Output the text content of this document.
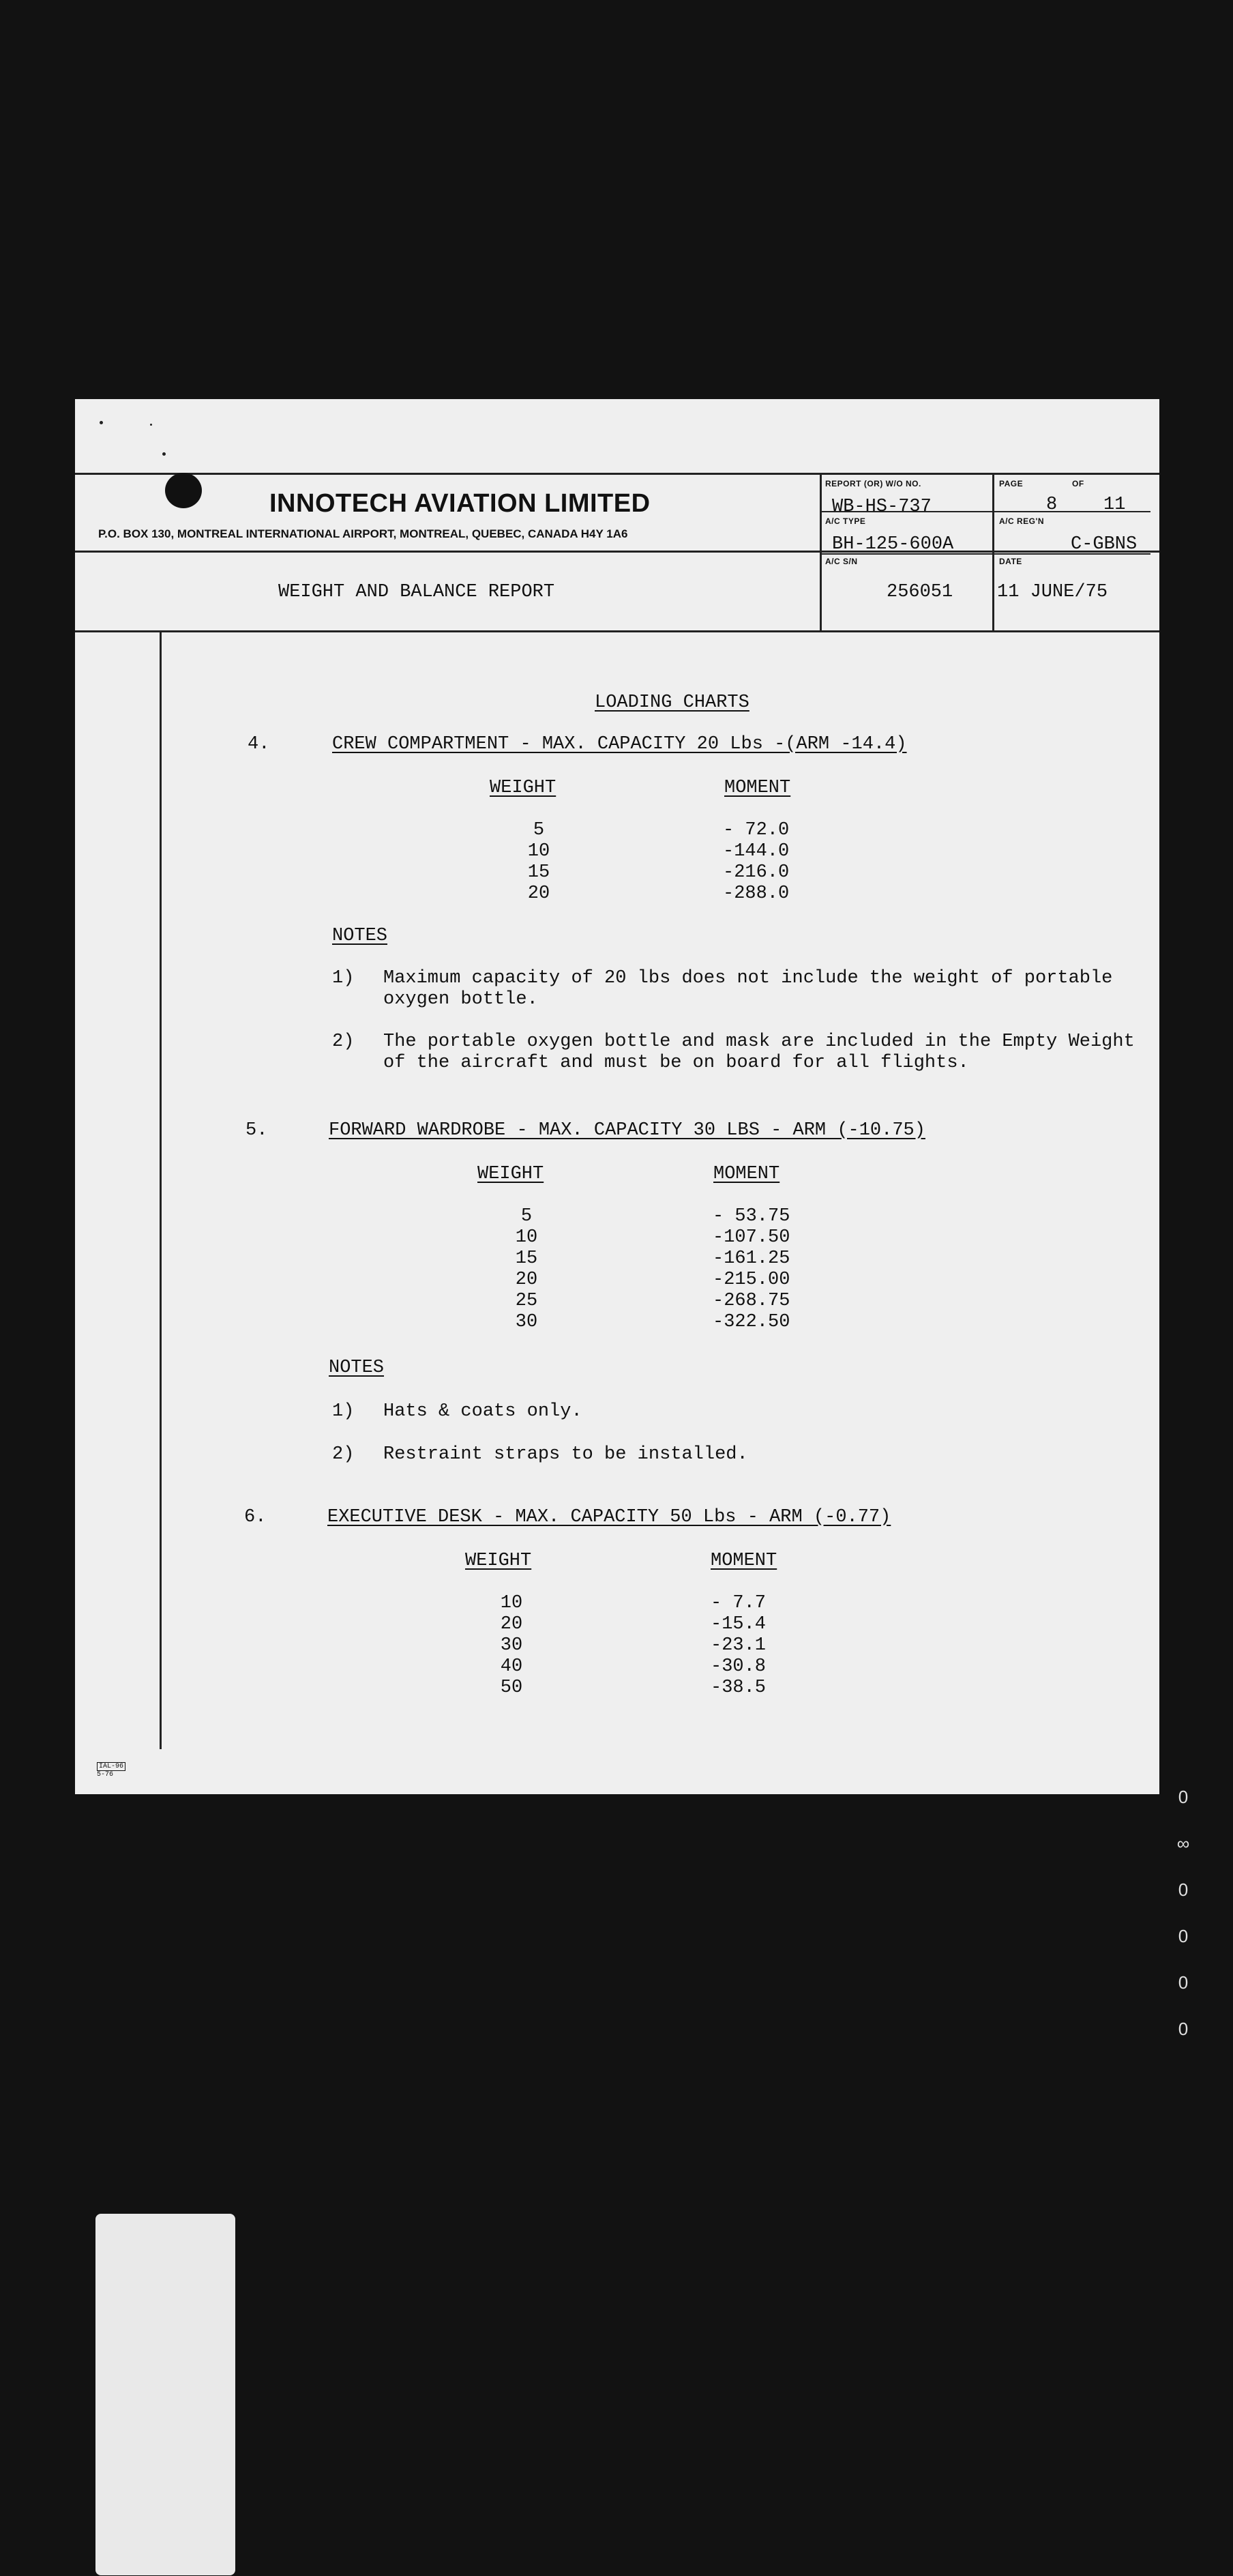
INNOTECH AVIATION LIMITED
P.O. BOX 130, MONTREAL INTERNATIONAL AIRPORT, MONTREAL, QUEBEC, CANADA H4Y 1A6
REPORT (OR) W/O NO.
WB-HS-737
PAGE	OF
8	11
A/C TYPE
BH-125-600A
A/C REG'N
C-GBNS
A/C S/N
256051
DATE
11 JUNE/75
WEIGHT AND BALANCE REPORT
LOADING CHARTS
4.	CREW COMPARTMENT - MAX. CAPACITY 20 Lbs -(ARM -14.4)
WEIGHT	MOMENT
5	- 72.0
10	-144.0
15	-216.0
20	-288.0
NOTES
1) Maximum capacity of 20 lbs does not include the weight of portable
oxygen bottle.
2) The portable oxygen bottle and mask are included in the Empty Weight
of the aircraft and must be on board for all flights.
5.	FORWARD WARDROBE - MAX. CAPACITY 30 LBS - ARM (-10.75)
WEIGHT	MOMENT
5	- 53.75
10	-107.50
15	-161.25
20	-215.00
25	-268.75
30	-322.50
NOTES
1) Hats & coats only.
2) Restraint straps to be installed.
6.	EXECUTIVE DESK - MAX. CAPACITY 50 Lbs - ARM (-0.77)
WEIGHT	MOMENT
10	- 7.7
20	-15.4
30	-23.1
40	-30.8
50	-38.5
IAL-96
5-76
0
∞
0
0
0
0
